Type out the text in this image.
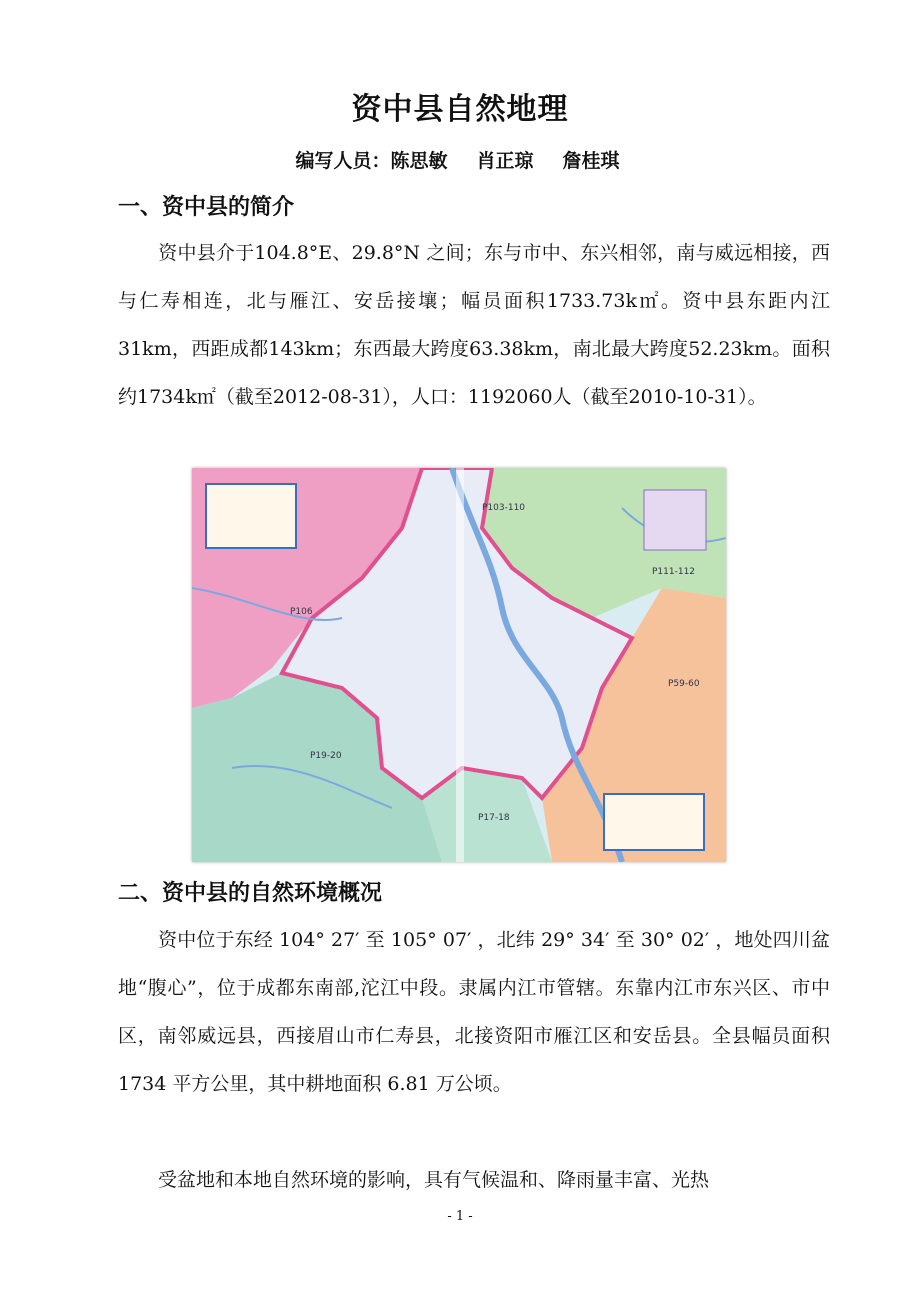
资中县自然地理
编写人员：陈思敏 肖正琼 詹桂琪
一、资中县的简介

资中县介于104.8°E、29.8°N 之间；东与市中、东兴相邻，南与威远相接，西与仁寿相连，北与雁江、安岳接壤；幅员面积1733.73k㎡。资中县东距内江31km，西距成都143km；东西最大跨度63.38km，南北最大跨度52.23km。面积约1734k㎡（截至2012-08-31），人口：1192060人（截至2010-10-31）。

P106
P19-20
P103-110
P111-112
P59-60
P17-18
二、资中县的自然环境概况

资中位于东经 104° 27′ 至 105° 07′ ，北纬 29° 34′ 至 30° 02′ ，地处四川盆地“腹心”，位于成都东南部,沱江中段。隶属内江市管辖。东靠内江市东兴区、市中区，南邻威远县，西接眉山市仁寿县，北接资阳市雁江区和安岳县。全县幅员面积 1734 平方公里，其中耕地面积 6.81 万公顷。

受盆地和本地自然环境的影响，具有气候温和、降雨量丰富、光热

- 1 -
